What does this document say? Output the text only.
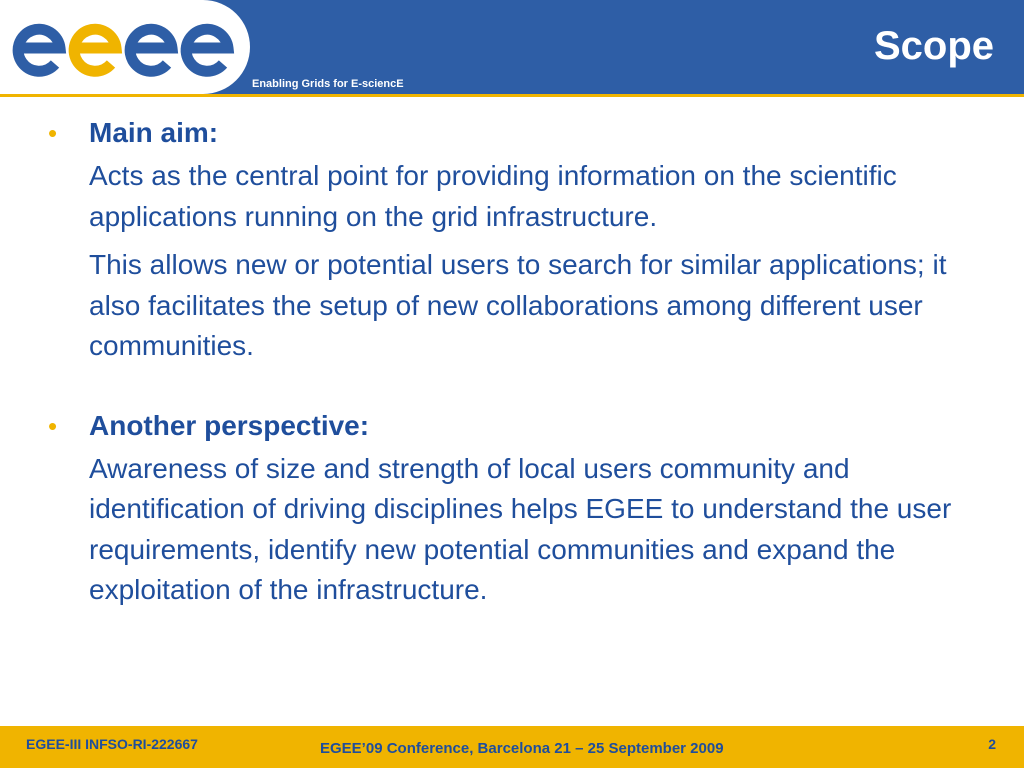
Enabling Grids for E-sciencE
Scope
• Main aim:

Acts as the central point for providing information on the scientific applications running on the grid infrastructure.

This allows new or potential users to search for similar applications; it also facilitates the setup of new collaborations among different user communities.

• Another perspective:

Awareness of size and strength of local users community and identification of driving disciplines helps EGEE to understand the user requirements, identify new potential communities and expand the exploitation of the infrastructure.

EGEE-III INFSO-RI-222667	EGEE’09 Conference, Barcelona 21 – 25 September 2009	2
